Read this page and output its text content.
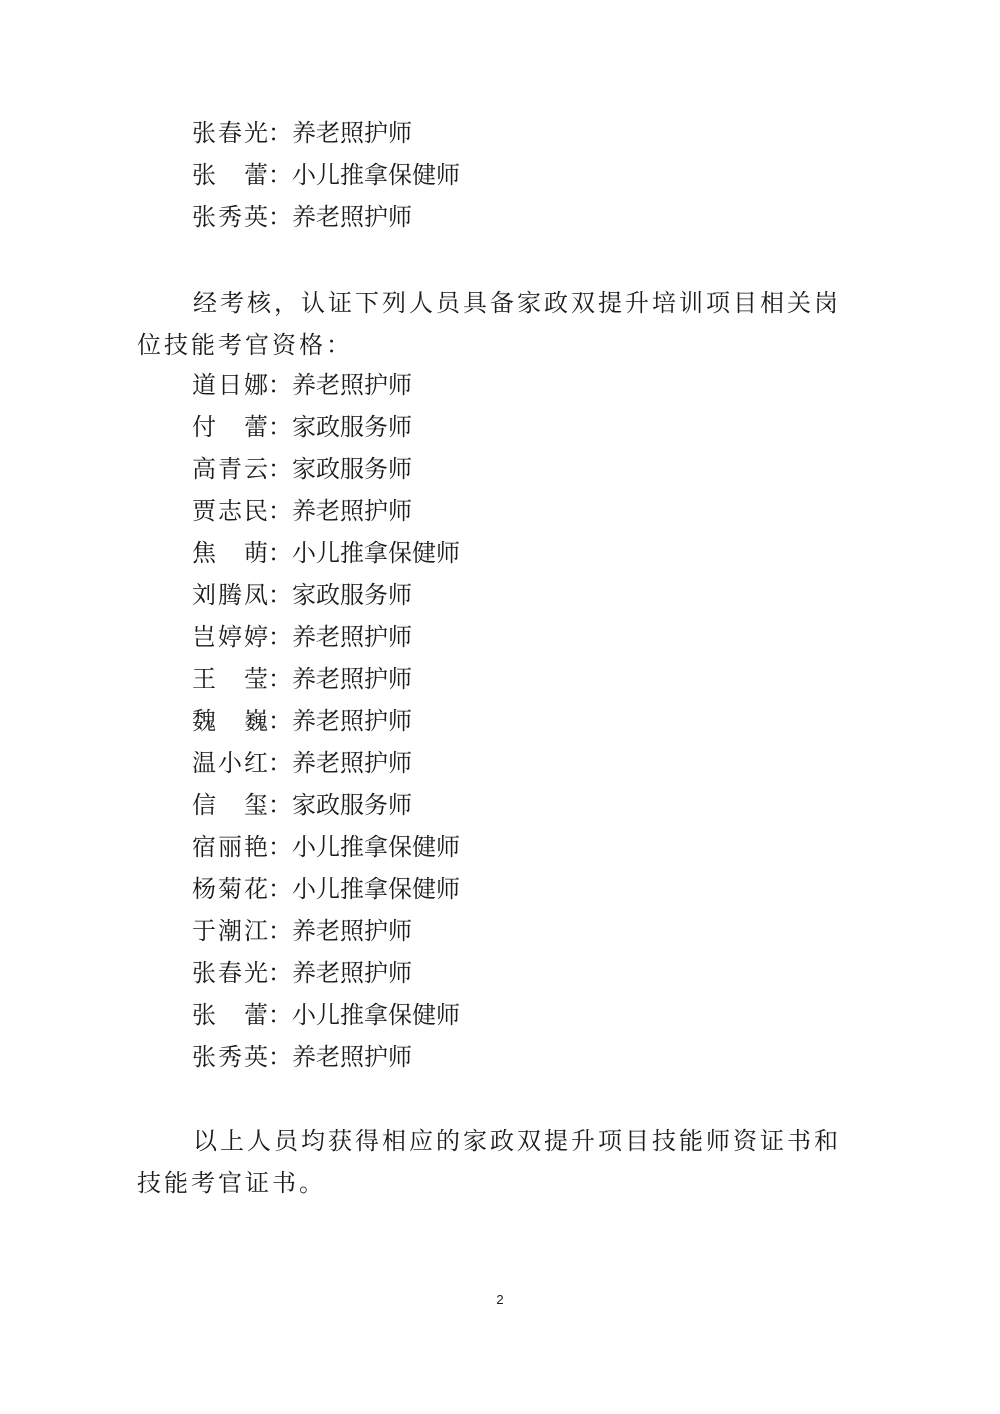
张春光 ： 养老照护师
张蕾 ： 小儿推拿保健师
张秀英 ： 养老照护师

经考核，认证下列人员具备家政双提升培训项目相关岗位技能考官资格：

道日娜 ： 养老照护师
付蕾 ： 家政服务师
高青云 ： 家政服务师
贾志民 ： 养老照护师
焦萌 ： 小儿推拿保健师
刘腾凤 ： 家政服务师
岂婷婷 ： 养老照护师
王莹 ： 养老照护师
魏巍 ： 养老照护师
温小红 ： 养老照护师
信玺 ： 家政服务师
宿丽艳 ： 小儿推拿保健师
杨菊花 ： 小儿推拿保健师
于潮江 ： 养老照护师
张春光 ： 养老照护师
张蕾 ： 小儿推拿保健师
张秀英 ： 养老照护师

以上人员均获得相应的家政双提升项目技能师资证书和技能考官证书。

2
